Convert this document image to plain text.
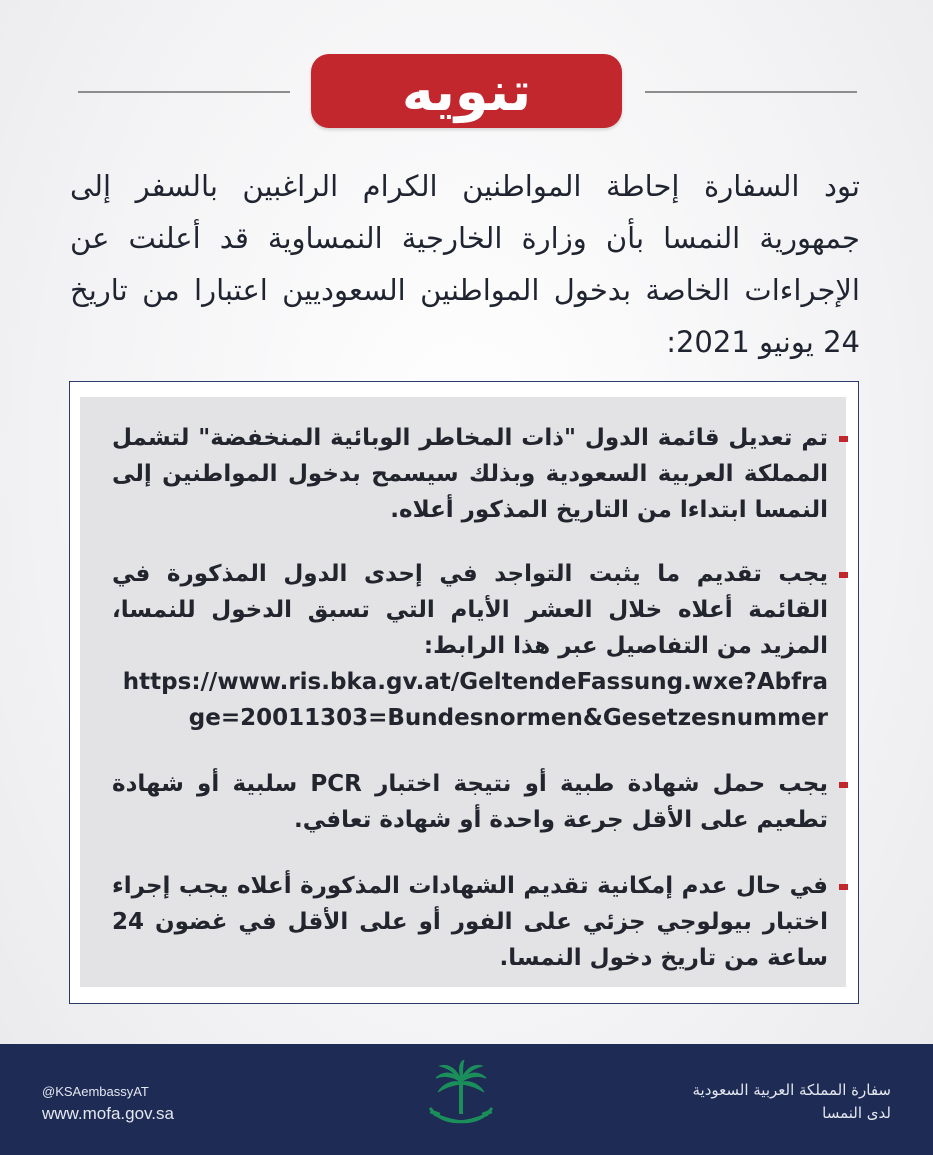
تنويه
تود السفارة إحاطة المواطنين الكرام الراغبين بالسفر إلى جمهورية النمسا بأن وزارة الخارجية النمساوية قد أعلنت عن الإجراءات الخاصة بدخول المواطنين السعوديين اعتبارا من تاريخ 24 يونيو 2021:
تم تعديل قائمة الدول "ذات المخاطر الوبائية المنخفضة" لتشمل المملكة العربية السعودية وبذلك سيسمح بدخول المواطنين إلى النمسا ابتداءا من التاريخ المذكور أعلاه.
يجب تقديم ما يثبت التواجد في إحدى الدول المذكورة في القائمة أعلاه خلال العشر الأيام التي تسبق الدخول للنمسا، المزيد من التفاصيل عبر هذا الرابط:
https://www.ris.bka.gv.at/GeltendeFassung.wxe?Abfrage=20011303=Bundesnormen&Gesetzesnummer
يجب حمل شهادة طبية أو نتيجة اختبار PCR سلبية أو شهادة تطعيم على الأقل جرعة واحدة أو شهادة تعافي.
في حال عدم إمكانية تقديم الشهادات المذكورة أعلاه يجب إجراء اختبار بيولوجي جزئي على الفور أو على الأقل في غضون 24 ساعة من تاريخ دخول النمسا.
@KSAembassyAT
www.mofa.gov.sa
سفارة المملكة العربية السعودية
لدى النمسا
